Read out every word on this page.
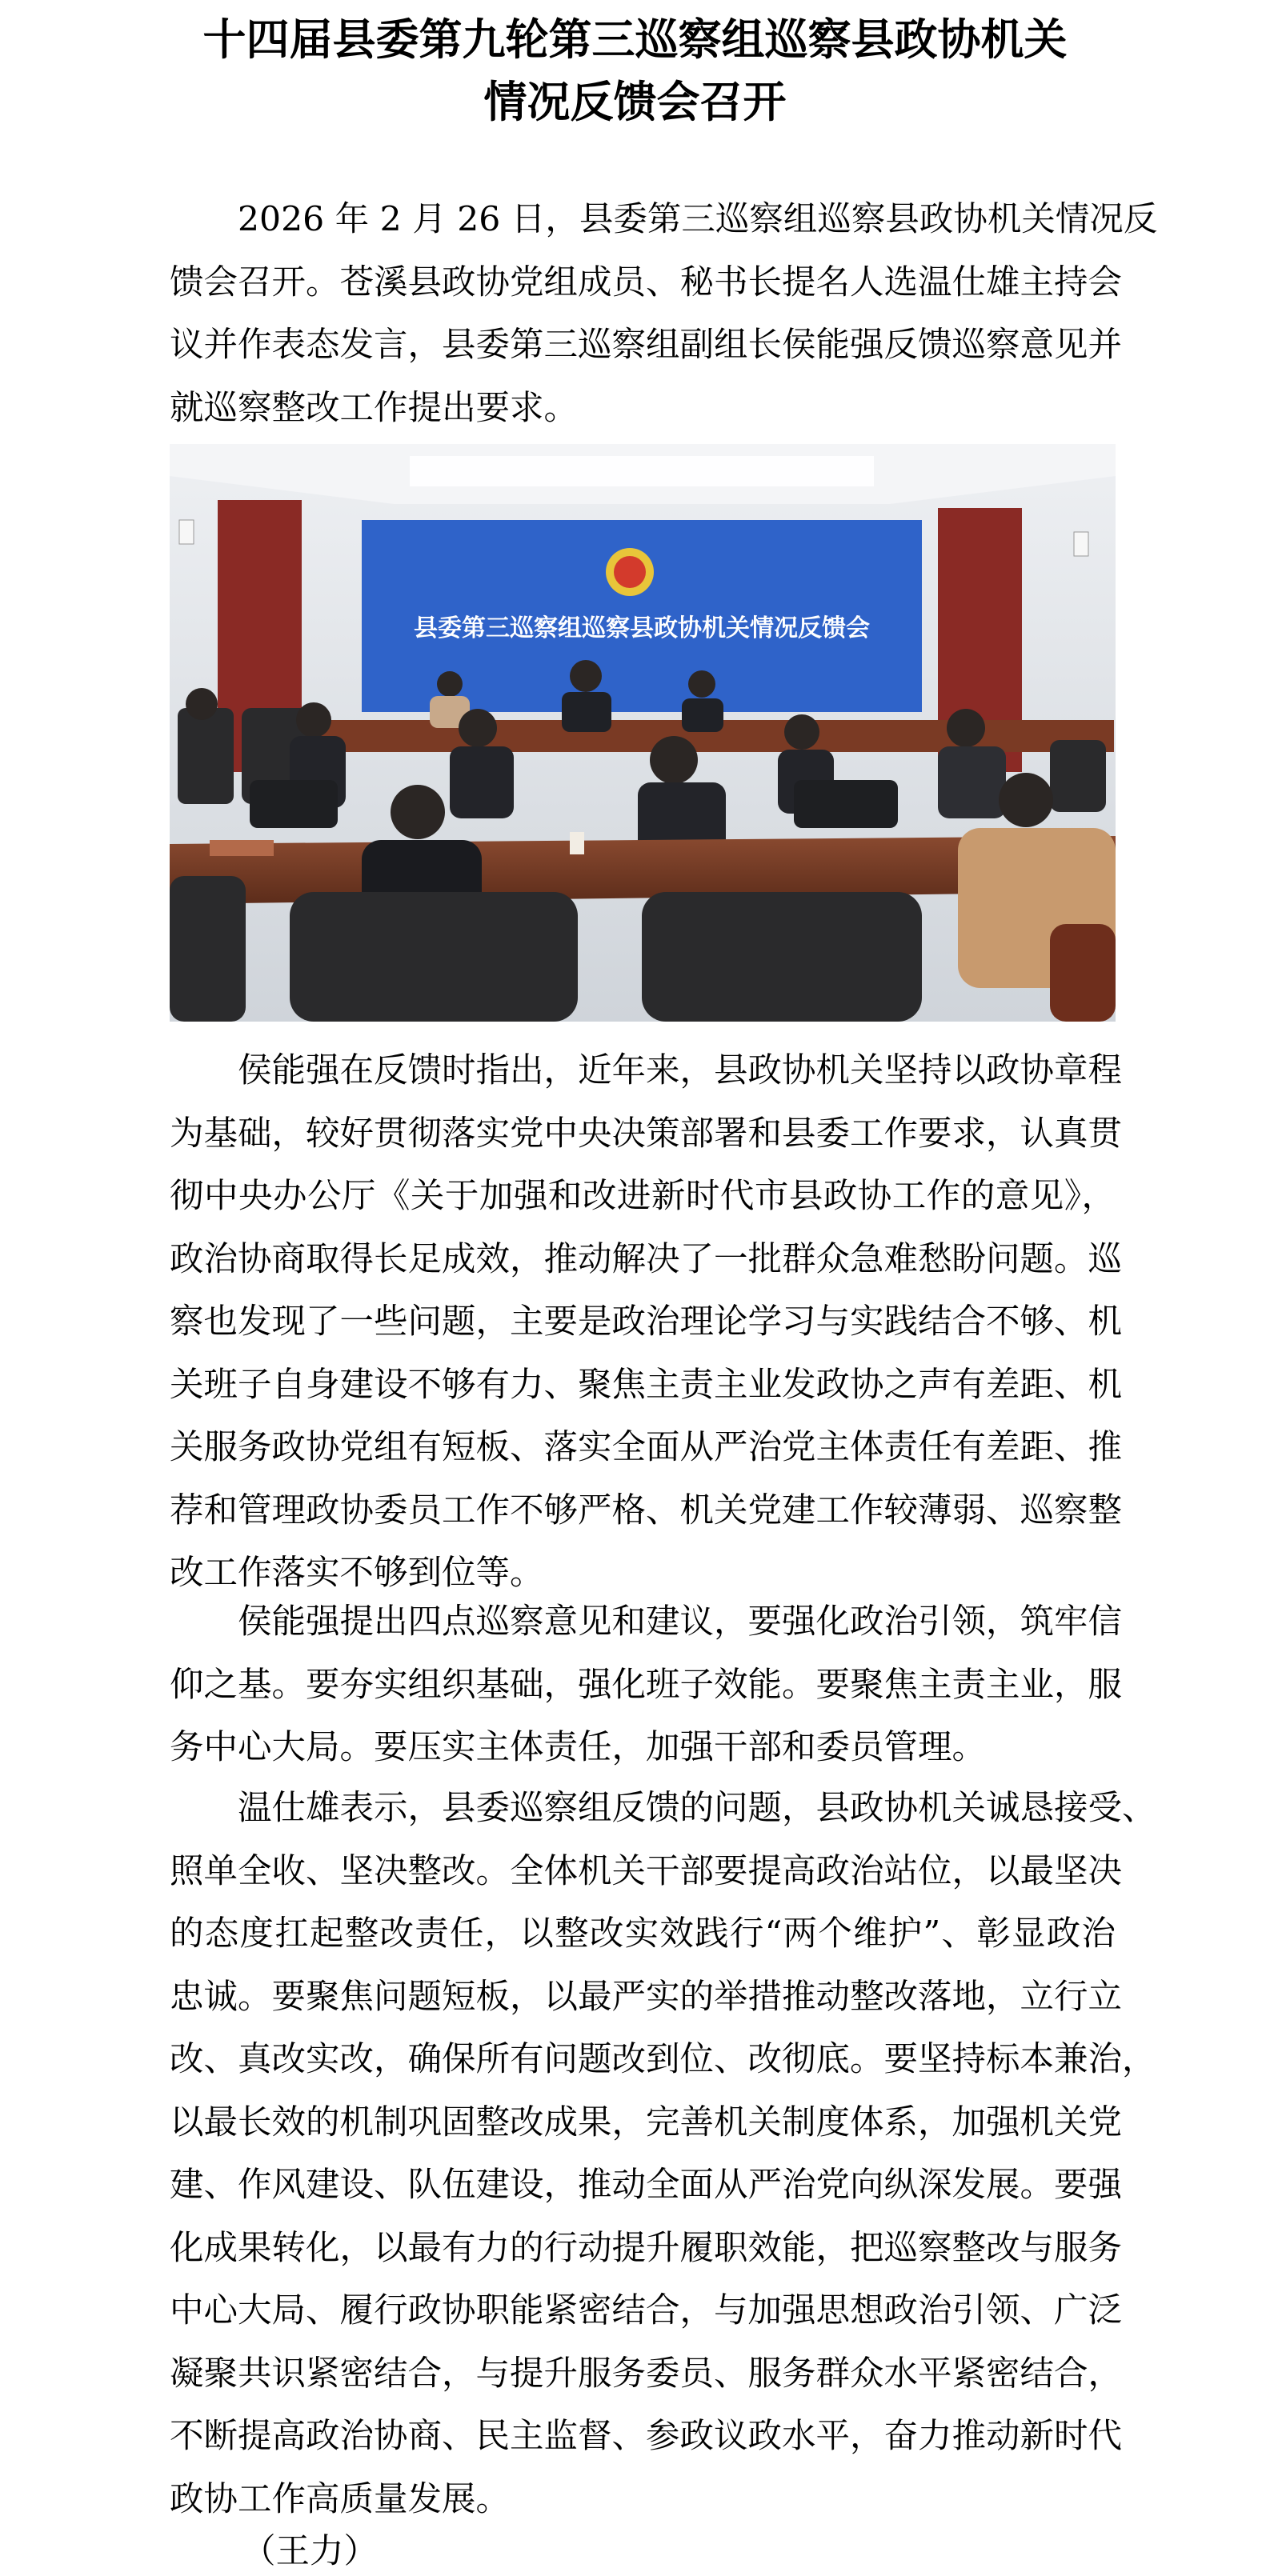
十四届县委第九轮第三巡察组巡察县政协机关
情况反馈会召开
2026 年 2 月 26 日，县委第三巡察组巡察县政协机关情况反
馈会召开。苍溪县政协党组成员、秘书长提名人选温仕雄主持会
议并作表态发言，县委第三巡察组副组长侯能强反馈巡察意见并
就巡察整改工作提出要求。
县委第三巡察组巡察县政协机关情况反馈会
侯能强在反馈时指出，近年来，县政协机关坚持以政协章程
为基础，较好贯彻落实党中央决策部署和县委工作要求，认真贯
彻中央办公厅《关于加强和改进新时代市县政协工作的意见》，
政治协商取得长足成效，推动解决了一批群众急难愁盼问题。巡
察也发现了一些问题，主要是政治理论学习与实践结合不够、机
关班子自身建设不够有力、聚焦主责主业发政协之声有差距、机
关服务政协党组有短板、落实全面从严治党主体责任有差距、推
荐和管理政协委员工作不够严格、机关党建工作较薄弱、巡察整
改工作落实不够到位等。
侯能强提出四点巡察意见和建议，要强化政治引领，筑牢信
仰之基。要夯实组织基础，强化班子效能。要聚焦主责主业，服
务中心大局。要压实主体责任，加强干部和委员管理。
温仕雄表示，县委巡察组反馈的问题，县政协机关诚恳接受、
照单全收、坚决整改。全体机关干部要提高政治站位，以最坚决
的态度扛起整改责任，以整改实效践行“两个维护”、彰显政治
忠诚。要聚焦问题短板，以最严实的举措推动整改落地，立行立
改、真改实改，确保所有问题改到位、改彻底。要坚持标本兼治，
以最长效的机制巩固整改成果，完善机关制度体系，加强机关党
建、作风建设、队伍建设，推动全面从严治党向纵深发展。要强
化成果转化，以最有力的行动提升履职效能，把巡察整改与服务
中心大局、履行政协职能紧密结合，与加强思想政治引领、广泛
凝聚共识紧密结合，与提升服务委员、服务群众水平紧密结合，
不断提高政治协商、民主监督、参政议政水平，奋力推动新时代
政协工作高质量发展。
（王力）
